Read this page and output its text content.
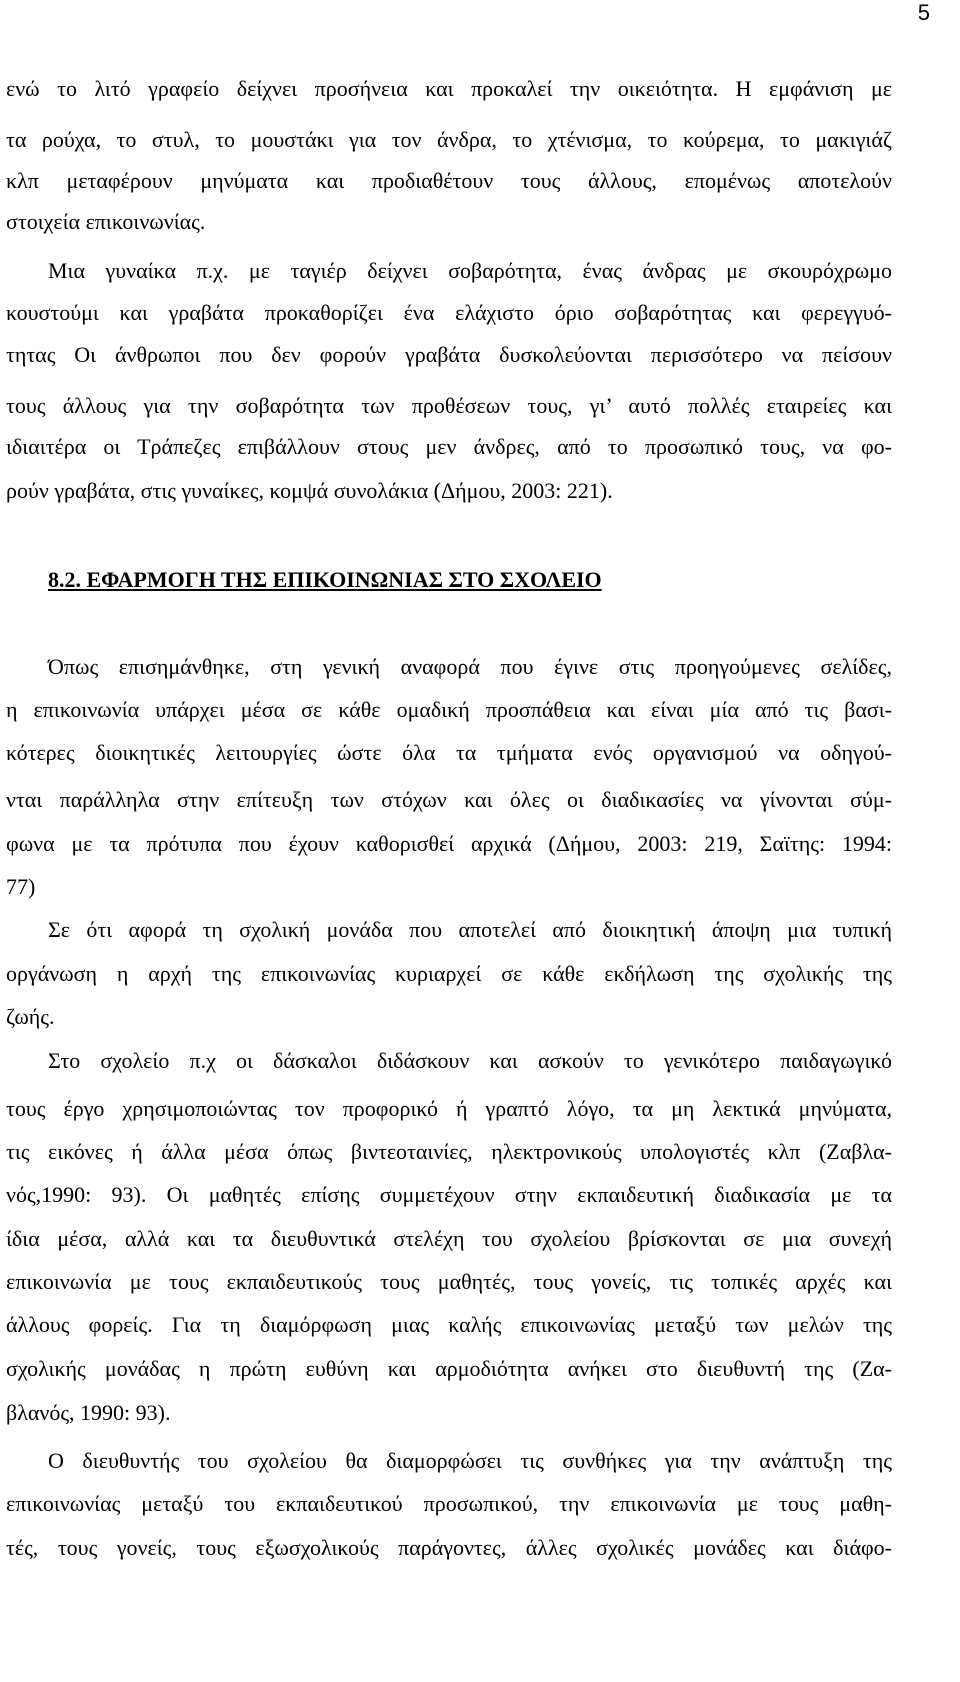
5
ενώ το λιτό γραφείο δείχνει προσήνεια και προκαλεί την οικειότητα. Η εμφάνιση με
τα ρούχα, το στυλ, το μουστάκι για τον άνδρα, το χτένισμα, το κούρεμα, το μακιγιάζ
κλπ μεταφέρουν μηνύματα και προδιαθέτουν τους άλλους, επομένως αποτελούν
στοιχεία επικοινωνίας.
Μια γυναίκα π.χ. με ταγιέρ δείχνει σοβαρότητα, ένας άνδρας με σκουρόχρωμο
κουστούμι και γραβάτα προκαθορίζει ένα ελάχιστο όριο σοβαρότητας και φερεγγυό-
τητας Οι άνθρωποι που δεν φορούν γραβάτα δυσκολεύονται περισσότερο να πείσουν
τους άλλους για την σοβαρότητα των προθέσεων τους, γι’ αυτό πολλές εταιρείες και
ιδιαιτέρα οι Τράπεζες επιβάλλουν στους μεν άνδρες, από το προσωπικό τους, να φο-
ρούν γραβάτα, στις γυναίκες, κομψά συνολάκια (Δήμου, 2003: 221).
8.2. ΕΦΑΡΜΟΓΗ ΤΗΣ ΕΠΙΚΟΙΝΩΝΙΑΣ ΣΤΟ ΣΧΟΛΕΙΟ
Όπως επισημάνθηκε, στη γενική αναφορά που έγινε στις προηγούμενες σελίδες,
η επικοινωνία υπάρχει μέσα σε κάθε ομαδική προσπάθεια και είναι μία από τις βασι-
κότερες διοικητικές λειτουργίες ώστε όλα τα τμήματα ενός οργανισμού να οδηγού-
νται παράλληλα στην επίτευξη των στόχων και όλες οι διαδικασίες να γίνονται σύμ-
φωνα με τα πρότυπα που έχουν καθορισθεί αρχικά (Δήμου, 2003: 219, Σαϊτης: 1994:
77)
Σε ότι αφορά τη σχολική μονάδα που αποτελεί από διοικητική άποψη μια τυπική
οργάνωση η αρχή της επικοινωνίας κυριαρχεί σε κάθε εκδήλωση της σχολικής της
ζωής.
Στο σχολείο π.χ οι δάσκαλοι διδάσκουν και ασκούν το γενικότερο παιδαγωγικό
τους έργο χρησιμοποιώντας τον προφορικό ή γραπτό λόγο, τα μη λεκτικά μηνύματα,
τις εικόνες ή άλλα μέσα όπως βιντεοταινίες, ηλεκτρονικούς υπολογιστές κλπ (Ζαβλα-
νός,1990: 93). Οι μαθητές επίσης συμμετέχουν στην εκπαιδευτική διαδικασία με τα
ίδια μέσα, αλλά και τα διευθυντικά στελέχη του σχολείου βρίσκονται σε μια συνεχή
επικοινωνία με τους εκπαιδευτικούς τους μαθητές, τους γονείς, τις τοπικές αρχές και
άλλους φορείς. Για τη διαμόρφωση μιας καλής επικοινωνίας μεταξύ των μελών της
σχολικής μονάδας η πρώτη ευθύνη και αρμοδιότητα ανήκει στο διευθυντή της (Ζα-
βλανός, 1990: 93).
Ο διευθυντής του σχολείου θα διαμορφώσει τις συνθήκες για την ανάπτυξη της
επικοινωνίας μεταξύ του εκπαιδευτικού προσωπικού, την επικοινωνία με τους μαθη-
τές, τους γονείς, τους εξωσχολικούς παράγοντες, άλλες σχολικές μονάδες και διάφο-
